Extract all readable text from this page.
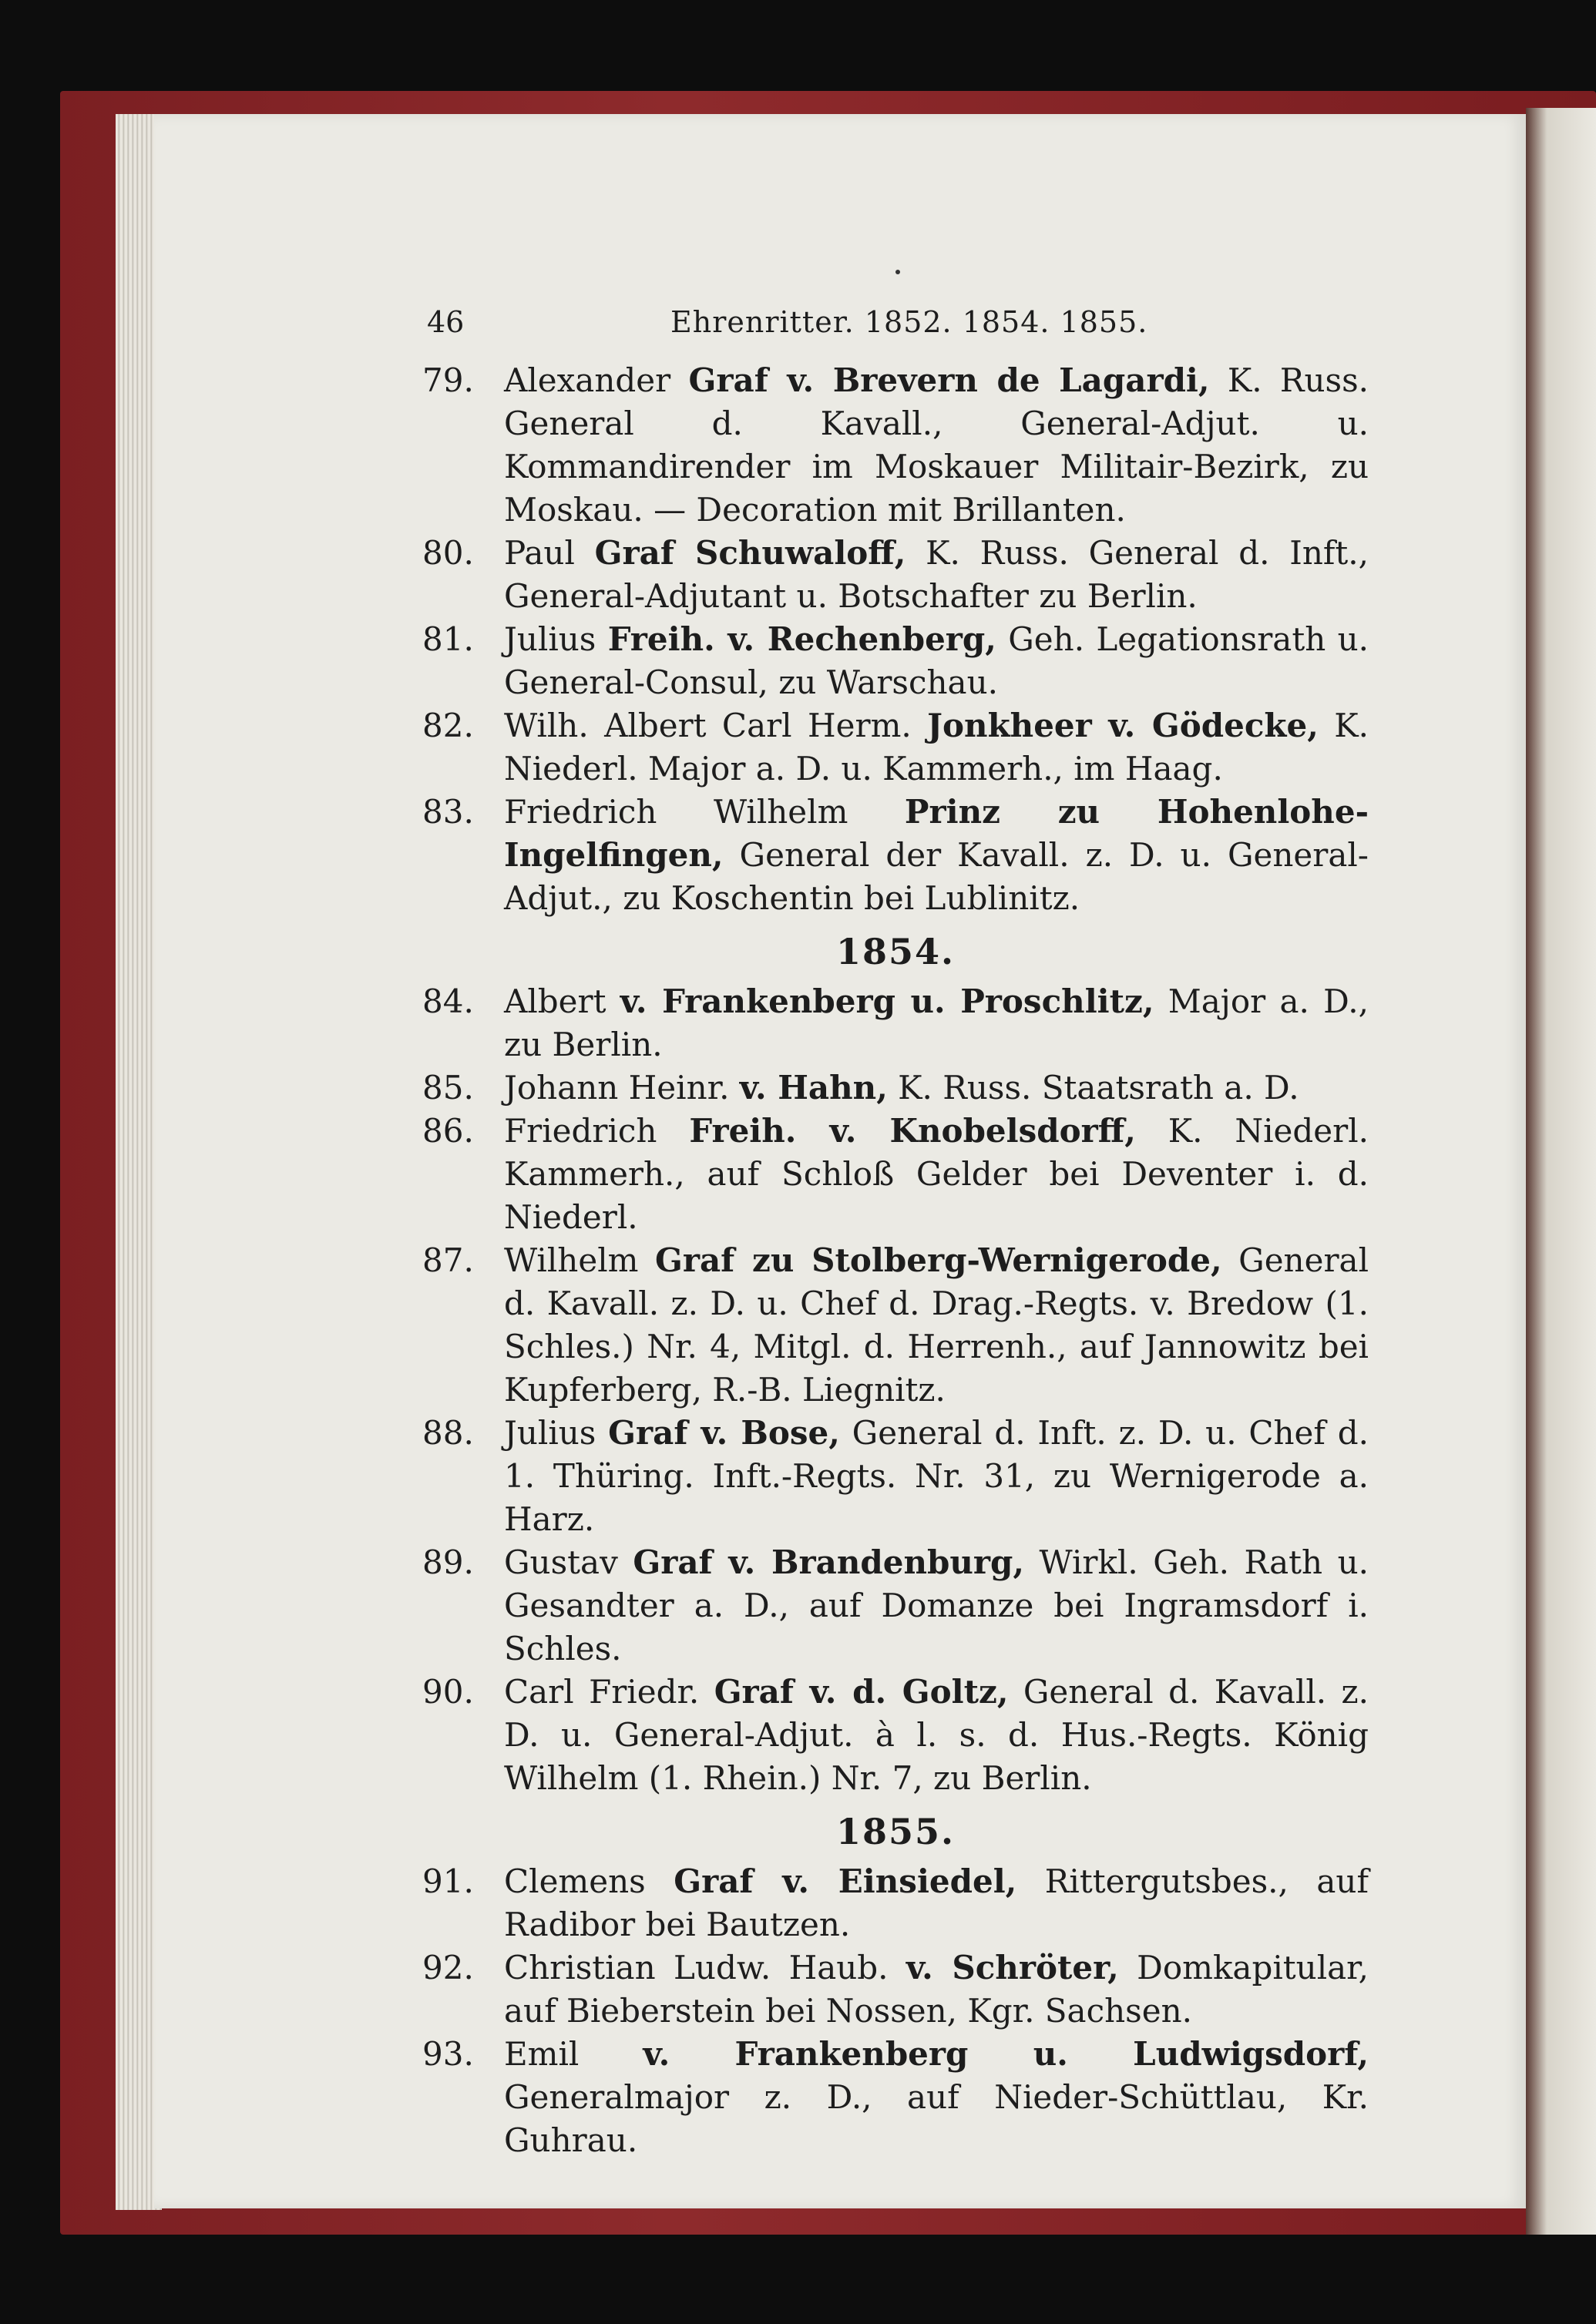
46	Ehrenritter. 1852. 1854. 1855.
79. Alexander Graf v. Brevern de Lagardi, K. Russ. General d. Kavall., General-Adjut. u. Kommandirender im Moskauer Militair-Bezirk, zu Moskau. — Decoration mit Brillanten.
80. Paul Graf Schuwaloff, K. Russ. General d. Inft., General-Adjutant u. Botschafter zu Berlin.
81. Julius Freih. v. Rechenberg, Geh. Legationsrath u. General-Consul, zu Warschau.
82. Wilh. Albert Carl Herm. Jonkheer v. Gödecke, K. Niederl. Major a. D. u. Kammerh., im Haag.
83. Friedrich Wilhelm Prinz zu Hohenlohe-Ingelfingen, General der Kavall. z. D. u. General-Adjut., zu Koschentin bei Lublinitz.
1854.
84. Albert v. Frankenberg u. Proschlitz, Major a. D., zu Berlin.
85. Johann Heinr. v. Hahn, K. Russ. Staatsrath a. D.
86. Friedrich Freih. v. Knobelsdorff, K. Niederl. Kammerh., auf Schloß Gelder bei Deventer i. d. Niederl.
87. Wilhelm Graf zu Stolberg-Wernigerode, General d. Kavall. z. D. u. Chef d. Drag.-Regts. v. Bredow (1. Schles.) Nr. 4, Mitgl. d. Herrenh., auf Jannowitz bei Kupferberg, R.-B. Liegnitz.
88. Julius Graf v. Bose, General d. Inft. z. D. u. Chef d. 1. Thüring. Inft.-Regts. Nr. 31, zu Wernigerode a. Harz.
89. Gustav Graf v. Brandenburg, Wirkl. Geh. Rath u. Gesandter a. D., auf Domanze bei Ingramsdorf i. Schles.
90. Carl Friedr. Graf v. d. Goltz, General d. Kavall. z. D. u. General-Adjut. à l. s. d. Hus.-Regts. König Wilhelm (1. Rhein.) Nr. 7, zu Berlin.
1855.
91. Clemens Graf v. Einsiedel, Rittergutsbes., auf Radibor bei Bautzen.
92. Christian Ludw. Haub. v. Schröter, Domkapitular, auf Bieberstein bei Nossen, Kgr. Sachsen.
93. Emil v. Frankenberg u. Ludwigsdorf, Generalmajor z. D., auf Nieder-Schüttlau, Kr. Guhrau.
